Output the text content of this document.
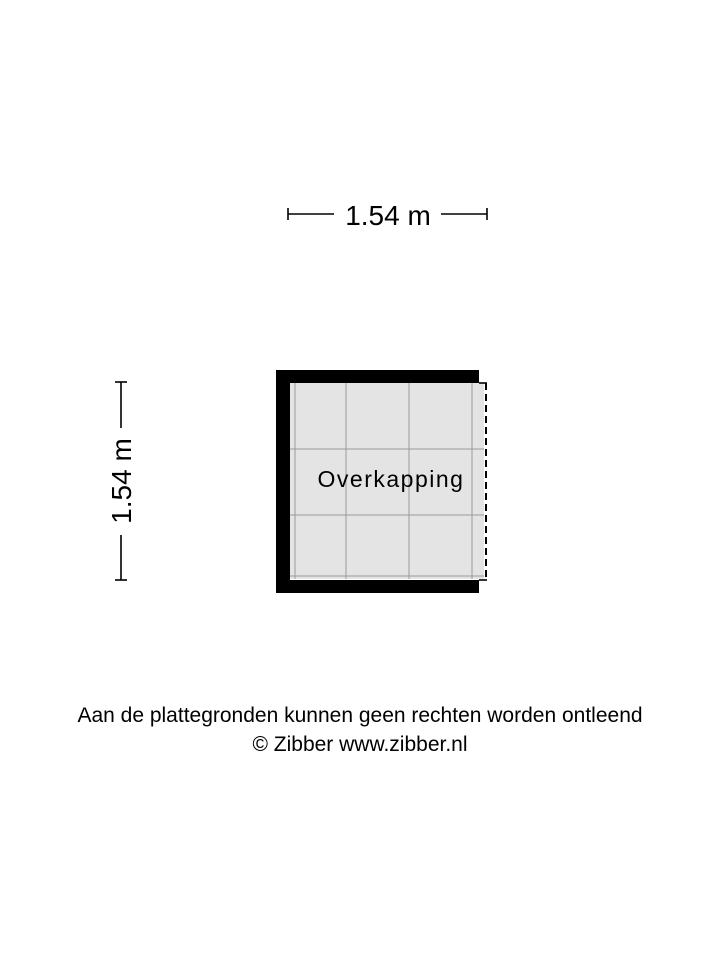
1.54 m
1.54 m	Overkapping
Aan de plattegronden kunnen geen rechten worden ontleend
© Zibber www.zibber.nl
